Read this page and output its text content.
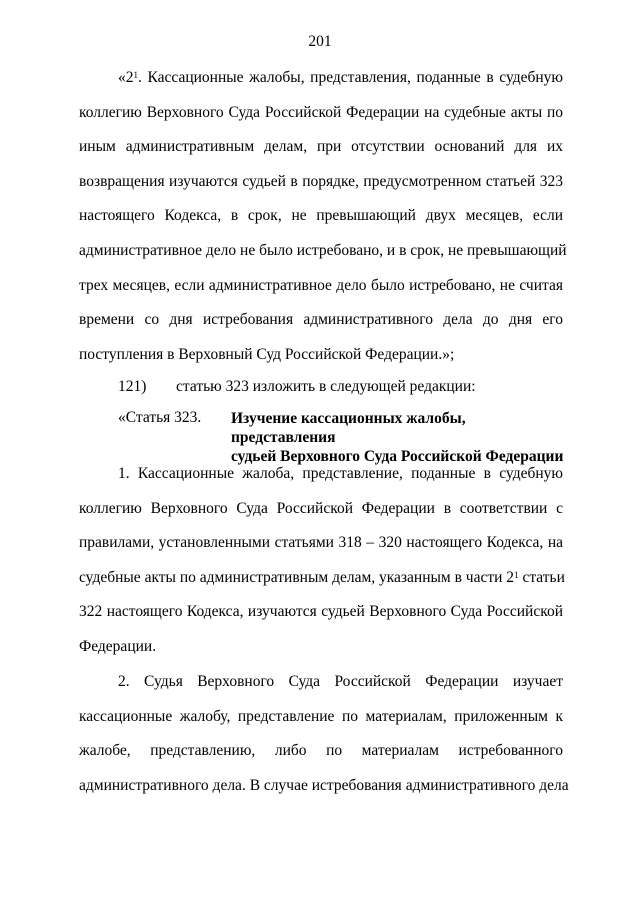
201
«$2^1$. Кассационные жалобы, представления, поданные в судебную
коллегию Верховного Суда Российской Федерации на судебные акты по
иным административным делам, при отсутствии оснований для их
возвращения изучаются судьей в порядке, предусмотренном статьей 323
настоящего Кодекса, в срок, не превышающий двух месяцев, если
административное дело не было истребовано, и в срок, не превышающий
трех месяцев, если административное дело было истребовано, не считая
времени со дня истребования административного дела до дня его
поступления в Верховный Суд Российской Федерации.»;
121) статью 323 изложить в следующей редакции:
«Статья 323. Изучение кассационных жалобы, представления
судьей Верховного Суда Российской Федерации
1. Кассационные жалоба, представление, поданные в судебную
коллегию Верховного Суда Российской Федерации в соответствии с
правилами, установленными статьями 318 – 320 настоящего Кодекса, на
судебные акты по административным делам, указанным в части $2^1$ статьи
322 настоящего Кодекса, изучаются судьей Верховного Суда Российской
Федерации.
2. Судья Верховного Суда Российской Федерации изучает
кассационные жалобу, представление по материалам, приложенным к
жалобе, представлению, либо по материалам истребованного
административного дела. В случае истребования административного дела
